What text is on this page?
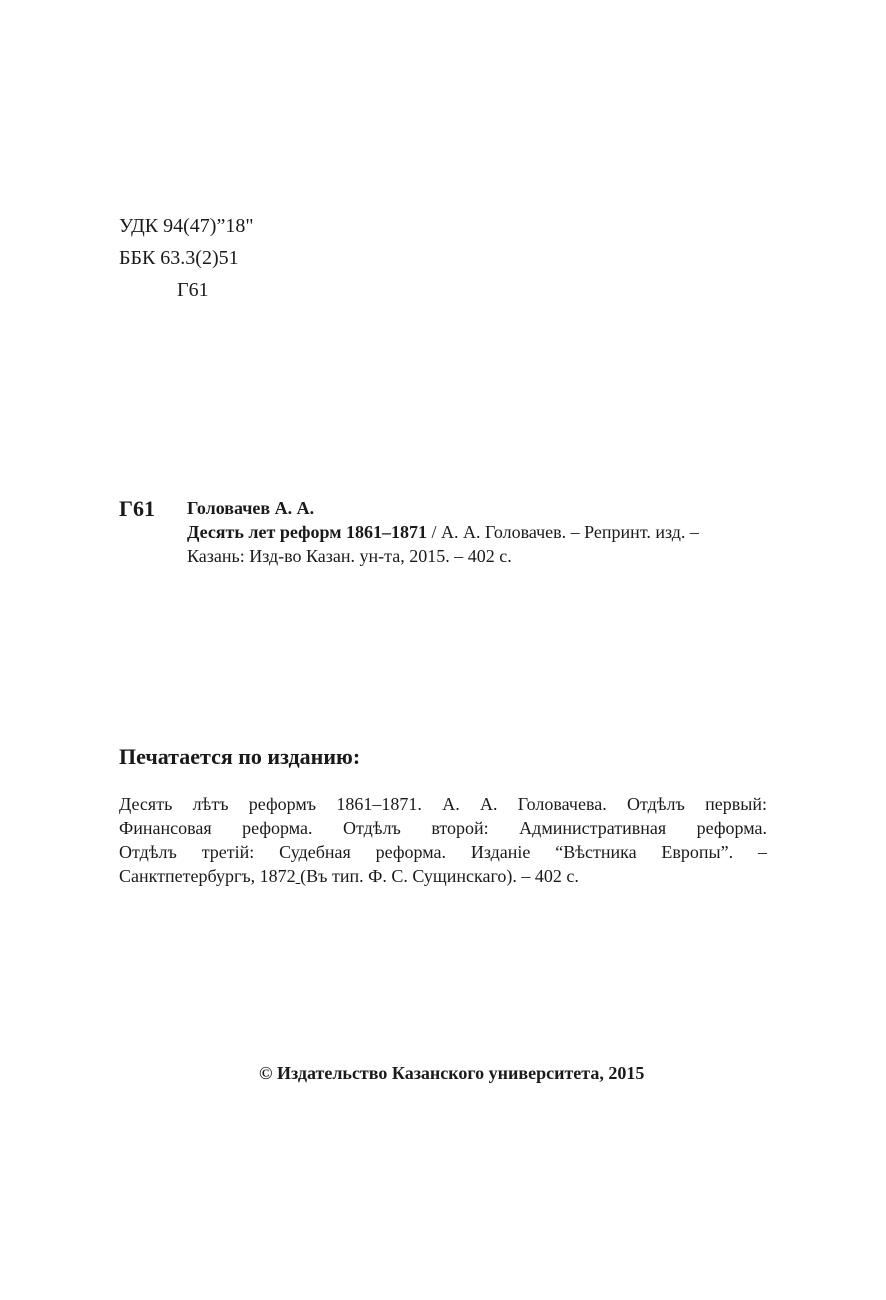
УДК 94(47)”18"
ББК 63.3(2)51
Г61
Г61 Головачев А. А.
Десять лет реформ 1861–1871 / А. А. Головачев. – Репринт. изд. –
Казань: Изд-во Казан. ун-та, 2015. – 402 с.
Печатается по изданию:
Десять лѣтъ реформъ 1861–1871. А. А. Головачева. Отдѣлъ первый:
Финансовая реформа. Отдѣлъ второй: Административная реформа.
Отдѣлъ третій: Судебная реформа. Изданіе “Вѣстника Европы”. –
Санктпетербургъ, 1872 (Въ тип. Ф. С. Сущинскаго). – 402 с.
© Издательство Казанского университета, 2015
